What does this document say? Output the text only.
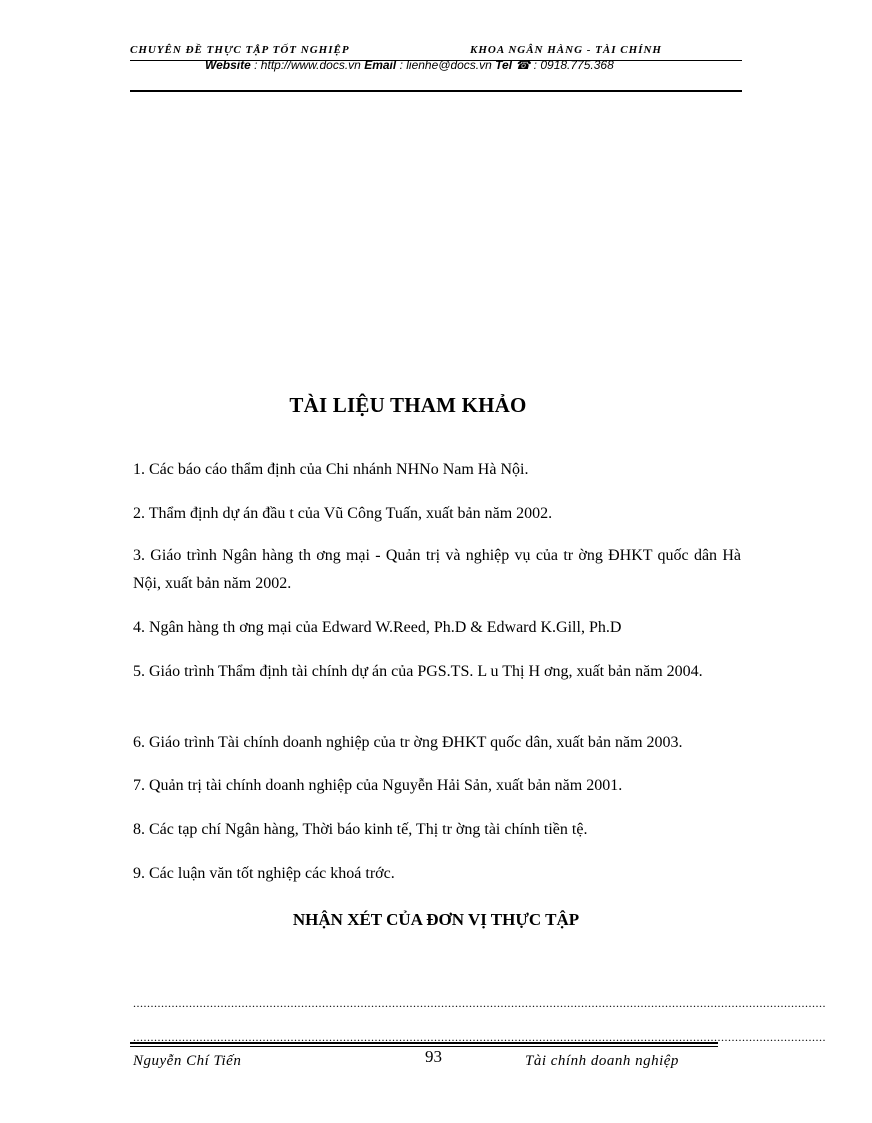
CHUYÊN ĐỀ THỰC TẬP TỐT NGHIỆP	KHOA NGÂN HÀNG - TÀI CHÍNH
Website : http://www.docs.vn Email : lienhe@docs.vn Tel ☎ : 0918.775.368
TÀI LIỆU THAM KHẢO
1. Các báo cáo thẩm định của Chi nhánh NHNo Nam Hà Nội.
2. Thẩm định dự án đầu t của Vũ Công Tuấn, xuất bản năm 2002.
3. Giáo trình Ngân hàng th ơng mại - Quản trị và nghiệp vụ của tr ờng ĐHKT quốc dân Hà Nội, xuất bản năm 2002.
4. Ngân hàng th ơng mại của Edward W.Reed, Ph.D & Edward K.Gill, Ph.D
5. Giáo trình Thẩm định tài chính dự án của PGS.TS. L u Thị H ơng, xuất bản năm 2004.
6. Giáo trình Tài chính doanh nghiệp của tr ờng ĐHKT quốc dân, xuất bản năm 2003.
7. Quản trị tài chính doanh nghiệp của Nguyễn Hải Sản, xuất bản năm 2001.
8. Các tạp chí Ngân hàng, Thời báo kinh tế, Thị tr ờng tài chính tiền tệ.
9. Các luận văn tốt nghiệp các khoá trớc.
NHẬN XÉT CỦA ĐƠN VỊ THỰC TẬP
......................................................................................................................................................................................................
......................................................................................................................................................................................................
Nguyễn Chí Tiến	93	Tài chính doanh nghiệp
